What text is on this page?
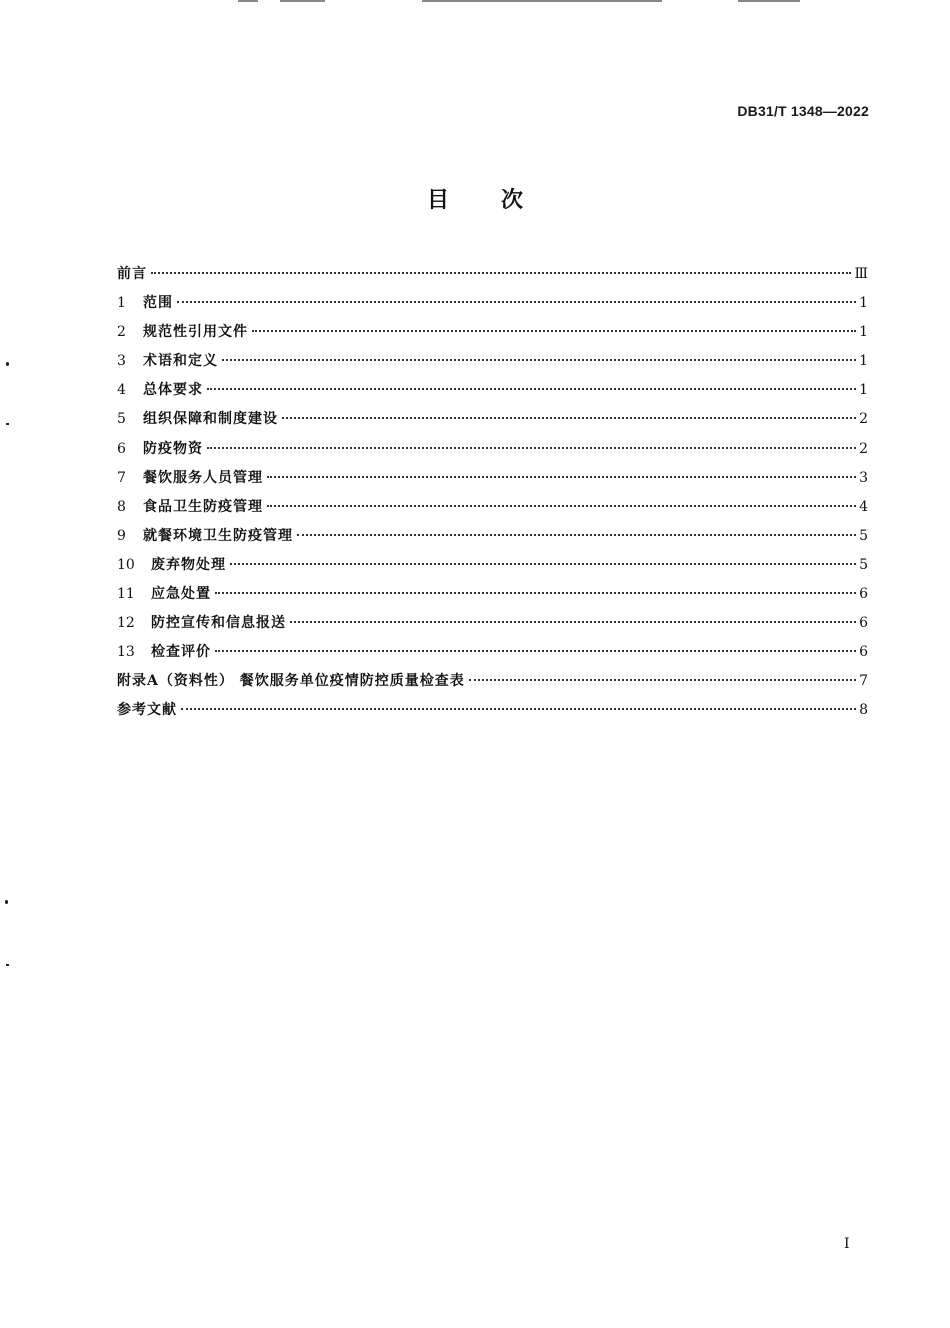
DB31/T 1348—2022
目次
前言	Ⅲ
1	范围	1
2	规范性引用文件	1
3	术语和定义	1
4	总体要求	1
5	组织保障和制度建设	2
6	防疫物资	2
7	餐饮服务人员管理	3
8	食品卫生防疫管理	4
9	就餐环境卫生防疫管理	5
10	废弃物处理	5
11	应急处置	6
12	防控宣传和信息报送	6
13	检查评价	6
附录A（资料性） 餐饮服务单位疫情防控质量检查表	7
参考文献	8
I
